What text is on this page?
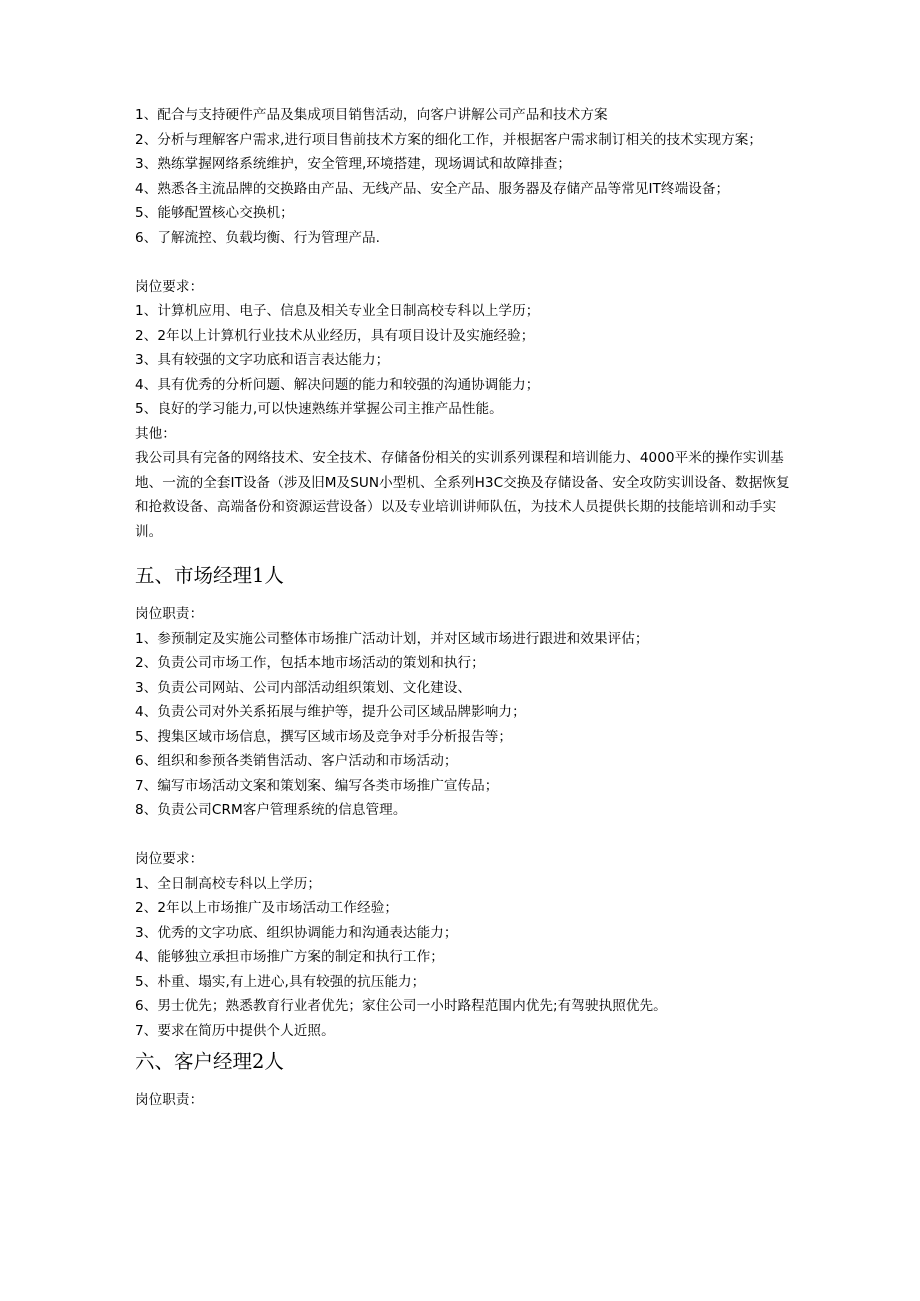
1、配合与支持硬件产品及集成项目销售活动，向客户讲解公司产品和技术方案
2、分析与理解客户需求,进行项目售前技术方案的细化工作，并根据客户需求制订相关的技术实现方案；
3、熟练掌握网络系统维护，安全管理,环境搭建，现场调试和故障排查；
4、熟悉各主流品牌的交换路由产品、无线产品、安全产品、服务器及存储产品等常见IT终端设备；
5、能够配置核心交换机；
6、了解流控、负载均衡、行为管理产品.
岗位要求：
1、计算机应用、电子、信息及相关专业全日制高校专科以上学历；
2、2年以上计算机行业技术从业经历，具有项目设计及实施经验；
3、具有较强的文字功底和语言表达能力；
4、具有优秀的分析问题、解决问题的能力和较强的沟通协调能力；
5、良好的学习能力,可以快速熟练并掌握公司主推产品性能。
其他：
我公司具有完备的网络技术、安全技术、存储备份相关的实训系列课程和培训能力、4000平米的操作实训基地、一流的全套IT设备（涉及旧M及SUN小型机、全系列H3C交换及存储设备、安全攻防实训设备、数据恢复和抢救设备、高端备份和资源运营设备）以及专业培训讲师队伍，为技术人员提供长期的技能培训和动手实训。
五、市场经理1人
岗位职责：
1、参预制定及实施公司整体市场推广活动计划，并对区域市场进行跟进和效果评估；
2、负责公司市场工作，包括本地市场活动的策划和执行；
3、负责公司网站、公司内部活动组织策划、文化建设、
4、负责公司对外关系拓展与维护等，提升公司区域品牌影响力；
5、搜集区域市场信息，撰写区域市场及竞争对手分析报告等；
6、组织和参预各类销售活动、客户活动和市场活动；
7、编写市场活动文案和策划案、编写各类市场推广宣传品；
8、负责公司CRM客户管理系统的信息管理。
岗位要求：
1、全日制高校专科以上学历；
2、2年以上市场推广及市场活动工作经验；
3、优秀的文字功底、组织协调能力和沟通表达能力；
4、能够独立承担市场推广方案的制定和执行工作；
5、朴重、塌实,有上进心,具有较强的抗压能力；
6、男士优先；熟悉教育行业者优先；家住公司一小时路程范围内优先;有驾驶执照优先。
7、要求在简历中提供个人近照。
六、客户经理2人
岗位职责：
